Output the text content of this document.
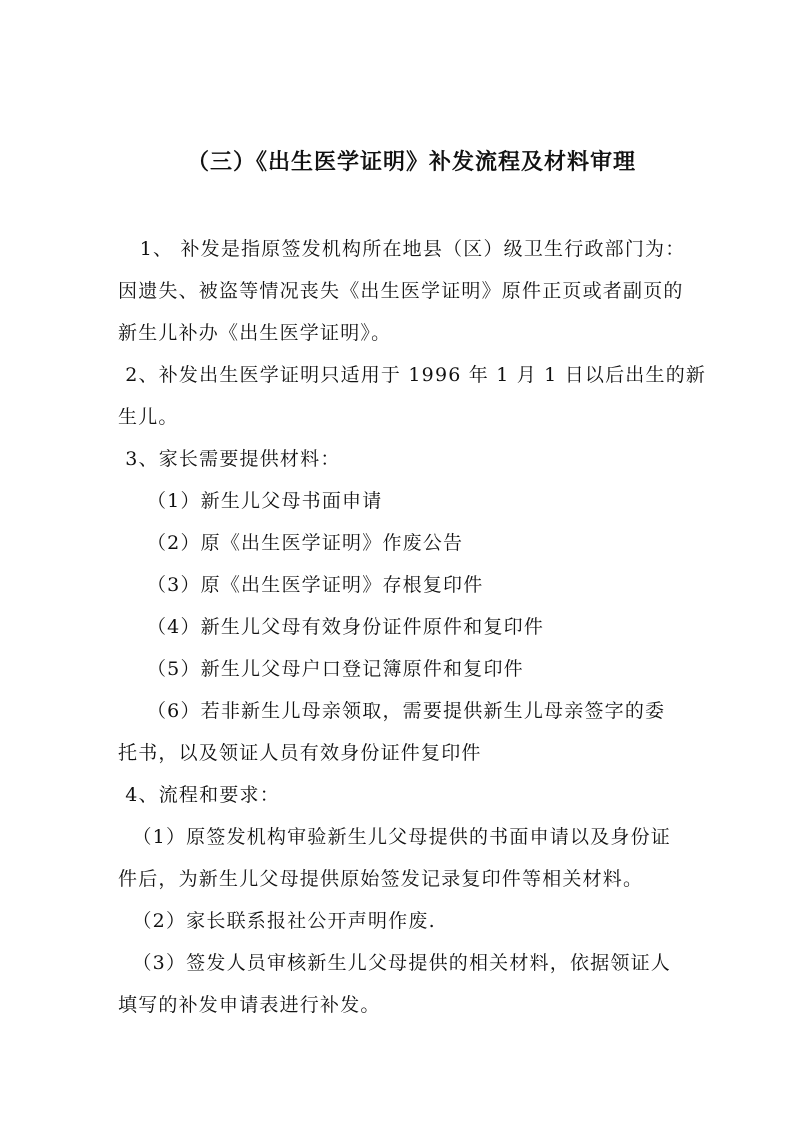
（三）《出生医学证明》补发流程及材料审理
1、 补发是指原签发机构所在地县（区）级卫生行政部门为：
因遗失、被盗等情况丧失《出生医学证明》原件正页或者副页的
新生儿补办《出生医学证明》。
2、补发出生医学证明只适用于 1996 年 1 月 1 日以后出生的新
生儿。
3、家长需要提供材料：
（1）新生儿父母书面申请
（2）原《出生医学证明》作废公告
（3）原《出生医学证明》存根复印件
（4）新生儿父母有效身份证件原件和复印件
（5）新生儿父母户口登记簿原件和复印件
（6）若非新生儿母亲领取，需要提供新生儿母亲签字的委
托书，以及领证人员有效身份证件复印件
4、流程和要求：
（1）原签发机构审验新生儿父母提供的书面申请以及身份证
件后，为新生儿父母提供原始签发记录复印件等相关材料。
（2）家长联系报社公开声明作废.
（3）签发人员审核新生儿父母提供的相关材料，依据领证人
填写的补发申请表进行补发。
